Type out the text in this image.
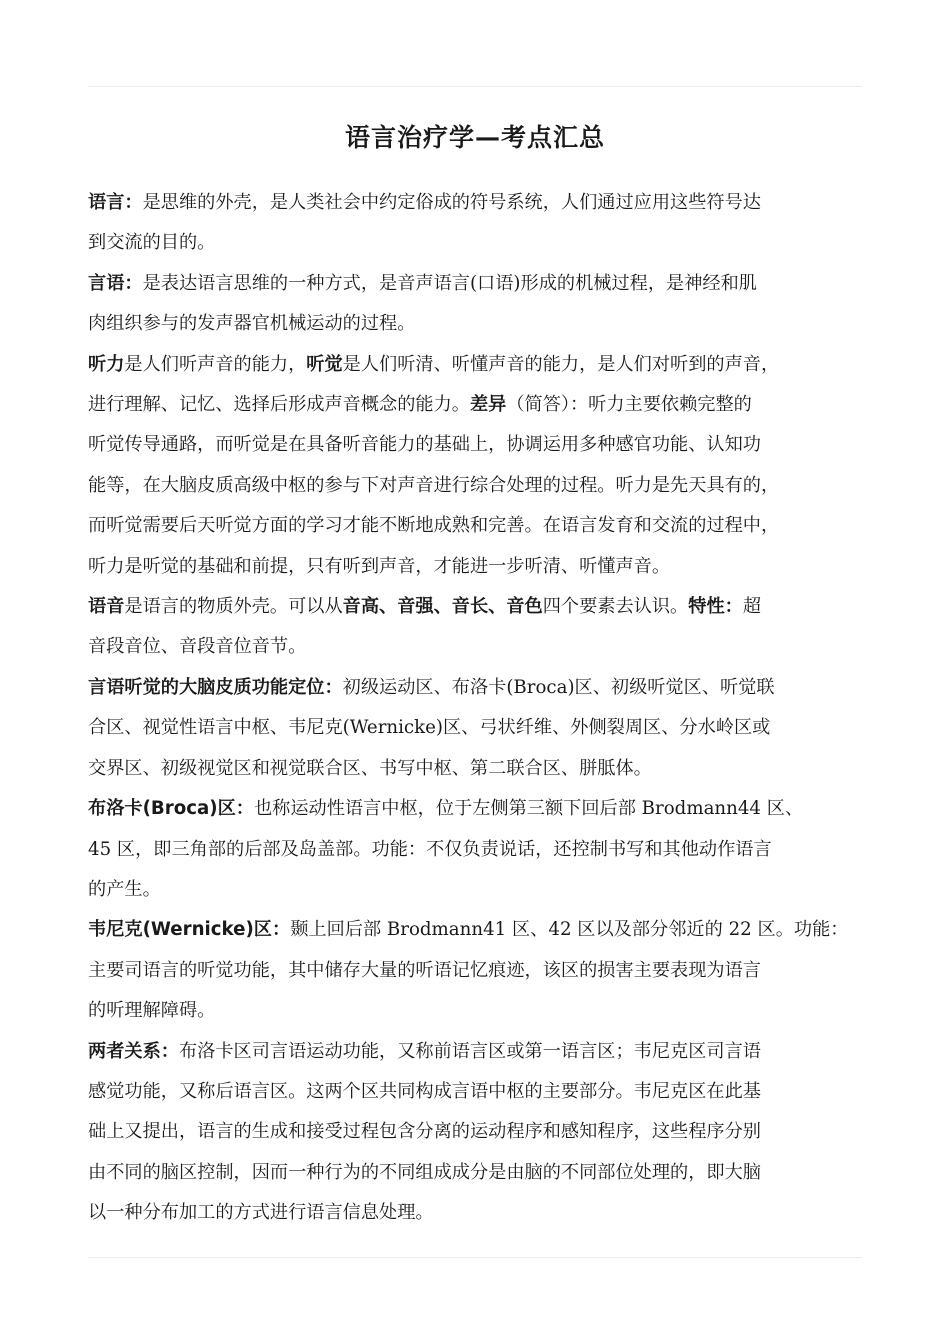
语言治疗学—考点汇总

语言：是思维的外壳，是人类社会中约定俗成的符号系统，人们通过应用这些符号达

到交流的目的。

言语：是表达语言思维的一种方式，是音声语言(口语)形成的机械过程，是神经和肌

肉组织参与的发声器官机械运动的过程。

听力是人们听声音的能力，听觉是人们听清、听懂声音的能力，是人们对听到的声音，

进行理解、记忆、选择后形成声音概念的能力。差异（简答）：听力主要依赖完整的

听觉传导通路，而听觉是在具备听音能力的基础上，协调运用多种感官功能、认知功

能等，在大脑皮质高级中枢的参与下对声音进行综合处理的过程。听力是先天具有的，

而听觉需要后天听觉方面的学习才能不断地成熟和完善。在语言发育和交流的过程中，

听力是听觉的基础和前提，只有听到声音，才能进一步听清、听懂声音。

语音是语言的物质外壳。可以从音高、音强、音长、音色四个要素去认识。特性：超

音段音位、音段音位音节。

言语听觉的大脑皮质功能定位：初级运动区、布洛卡(Broca)区、初级听觉区、听觉联

合区、视觉性语言中枢、韦尼克(Wernicke)区、弓状纤维、外侧裂周区、分水岭区或

交界区、初级视觉区和视觉联合区、书写中枢、第二联合区、胼胝体。

布洛卡(Broca)区：也称运动性语言中枢，位于左侧第三额下回后部 Brodmann44 区、

45 区，即三角部的后部及岛盖部。功能：不仅负责说话，还控制书写和其他动作语言

的产生。

韦尼克(Wernicke)区：颞上回后部 Brodmann41 区、42 区以及部分邻近的 22 区。功能：

主要司语言的听觉功能，其中储存大量的听语记忆痕迹，该区的损害主要表现为语言

的听理解障碍。

两者关系：布洛卡区司言语运动功能，又称前语言区或第一语言区；韦尼克区司言语

感觉功能，又称后语言区。这两个区共同构成言语中枢的主要部分。韦尼克区在此基

础上又提出，语言的生成和接受过程包含分离的运动程序和感知程序，这些程序分别

由不同的脑区控制，因而一种行为的不同组成成分是由脑的不同部位处理的，即大脑

以一种分布加工的方式进行语言信息处理。
